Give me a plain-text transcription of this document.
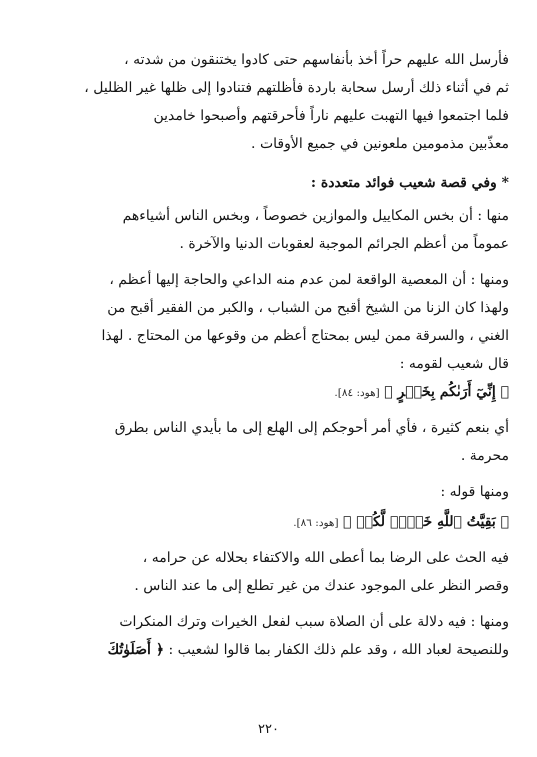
فأرسل الله عليهم حراً أخذ بأنفاسهم حتى كادوا يختنقون من شدته ،
ثم في أثناء ذلك أرسل سحابة باردة فأظلتهم فتنادوا إلى ظلها غير الظليل ،
فلما اجتمعوا فيها التهبت عليهم ناراً فأحرقتهم وأصبحوا خامدين
معذّبين مذمومين ملعونين في جميع الأوقات .
* وفي قصة شعيب فوائد متعددة :
منها : أن بخس المكاييل والموازين خصوصاً ، وبخس الناس أشياءهم
عموماً من أعظم الجرائم الموجبة لعقوبات الدنيا والآخرة .
ومنها : أن المعصية الواقعة لمن عدم منه الداعي والحاجة إليها أعظم ،
ولهذا كان الزنا من الشيخ أقبح من الشباب ، والكبر من الفقير أقبح من
الغني ، والسرقة ممن ليس بمحتاج أعظم من وقوعها من المحتاج . لهذا
قال شعيب لقومه :
﴿ إِنِّيٓ أَرَىٰكُم بِخَيۡرٍ ﴾ [هود: ٨٤].
أي بنعم كثيرة ، فأي أمر أحوجكم إلى الهلع إلى ما بأيدي الناس بطرق
محرمة .
ومنها قوله :
﴿ بَقِيَّتُ ٱللَّهِ خَيۡرٞ لَّكُمۡ ﴾ [هود: ٨٦].
فيه الحث على الرضا بما أعطى الله والاكتفاء بحلاله عن حرامه ،
وقصر النظر على الموجود عندك من غير تطلع إلى ما عند الناس .
ومنها : فيه دلالة على أن الصلاة سبب لفعل الخيرات وترك المنكرات
وللنصيحة لعباد الله ، وقد علم ذلك الكفار بما قالوا لشعيب : ﴿ أَصَلَوٰتُكَ
٢٢٠
